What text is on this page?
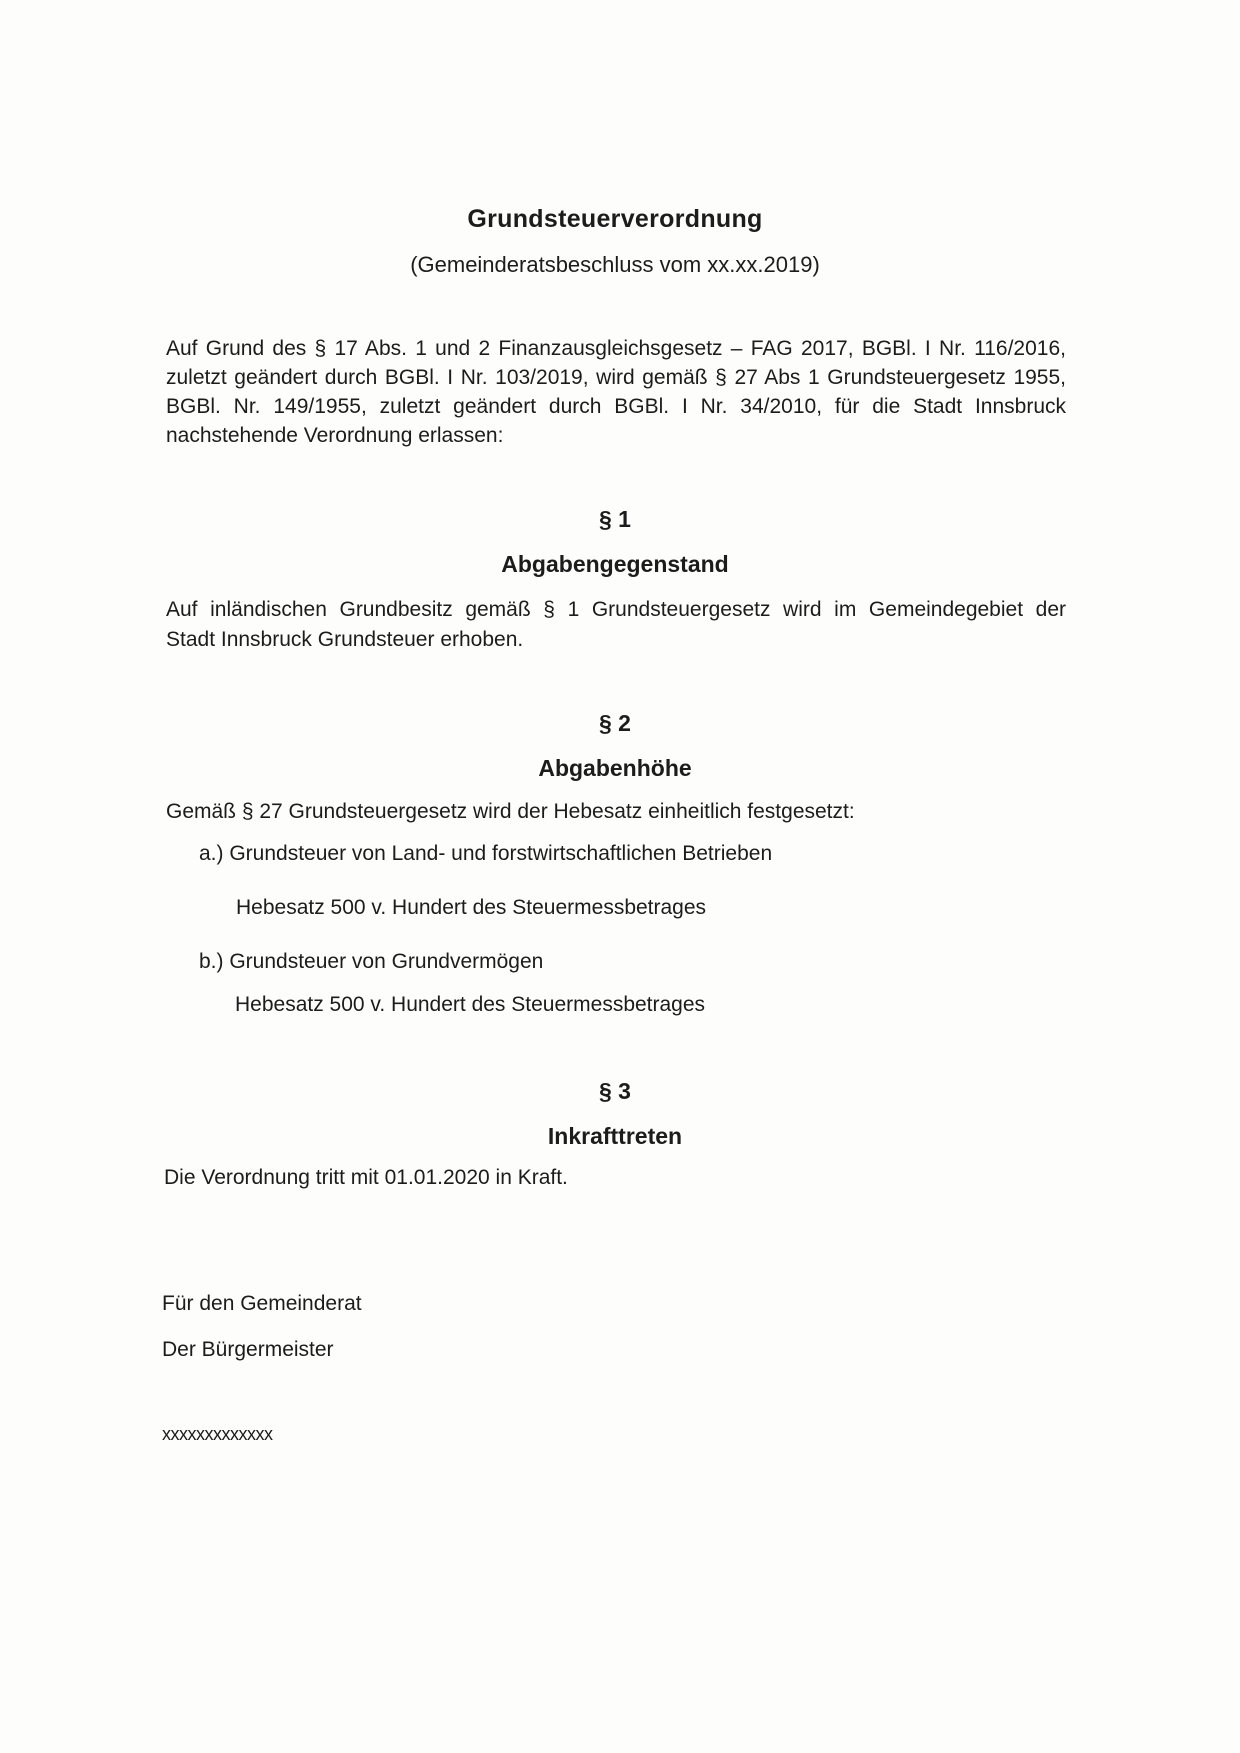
Grundsteuerverordnung
(Gemeinderatsbeschluss vom xx.xx.2019)
Auf Grund des § 17 Abs. 1 und 2 Finanzausgleichsgesetz – FAG 2017, BGBl. I Nr. 116/2016,
zuletzt geändert durch BGBl. I Nr. 103/2019, wird gemäß § 27 Abs 1 Grundsteuergesetz 1955,
BGBl. Nr. 149/1955, zuletzt geändert durch BGBl. I Nr. 34/2010, für die Stadt Innsbruck
nachstehende Verordnung erlassen:
§ 1
Abgabengegenstand
Auf inländischen Grundbesitz gemäß § 1 Grundsteuergesetz wird im Gemeindegebiet der
Stadt Innsbruck Grundsteuer erhoben.
§ 2
Abgabenhöhe
Gemäß § 27 Grundsteuergesetz wird der Hebesatz einheitlich festgesetzt:
a.) Grundsteuer von Land- und forstwirtschaftlichen Betrieben
Hebesatz 500 v. Hundert des Steuermessbetrages
b.) Grundsteuer von Grundvermögen
Hebesatz 500 v. Hundert des Steuermessbetrages
§ 3
Inkrafttreten
Die Verordnung tritt mit 01.01.2020 in Kraft.
Für den Gemeinderat
Der Bürgermeister
xxxxxxxxxxxxx
